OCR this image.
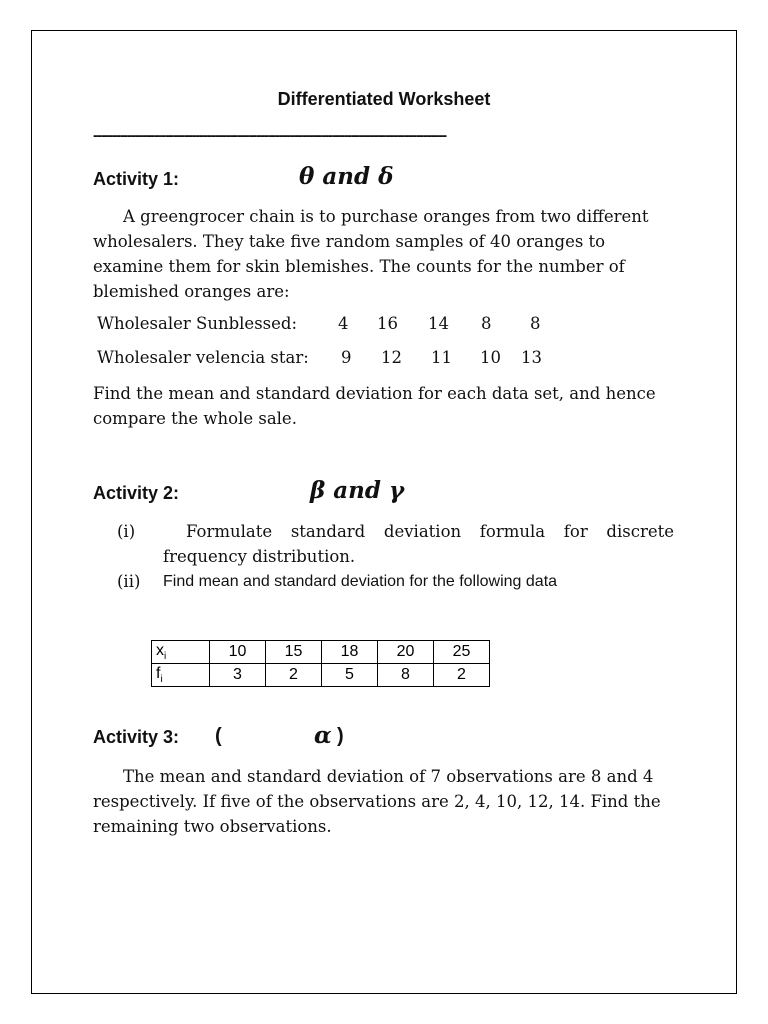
Differentiated Worksheet
---------------------------------------------------------------------------------------------
Activity 1:	θ and δ

A greengrocer chain is to purchase oranges from two different

wholesalers. They take five random samples of 40 oranges to

examine them for skin blemishes. The counts for the number of

blemished oranges are:

Wholesaler Sunblessed: 4 16 14 8 8
Wholesaler velencia star: 9 12 11 10 13

Find the mean and standard deviation for each data set, and hence

compare the whole sale.

Activity 2:	β and γ
(i)	Formulate standard deviation formula for discrete
frequency distribution.
(ii) Find mean and standard deviation for the following data
$x_i$	10	15	18	20	25
$f_i$	3	2	5	8	2
Activity 3: (	α )

The mean and standard deviation of 7 observations are 8 and 4

respectively. If five of the observations are 2, 4, 10, 12, 14. Find the

remaining two observations.
